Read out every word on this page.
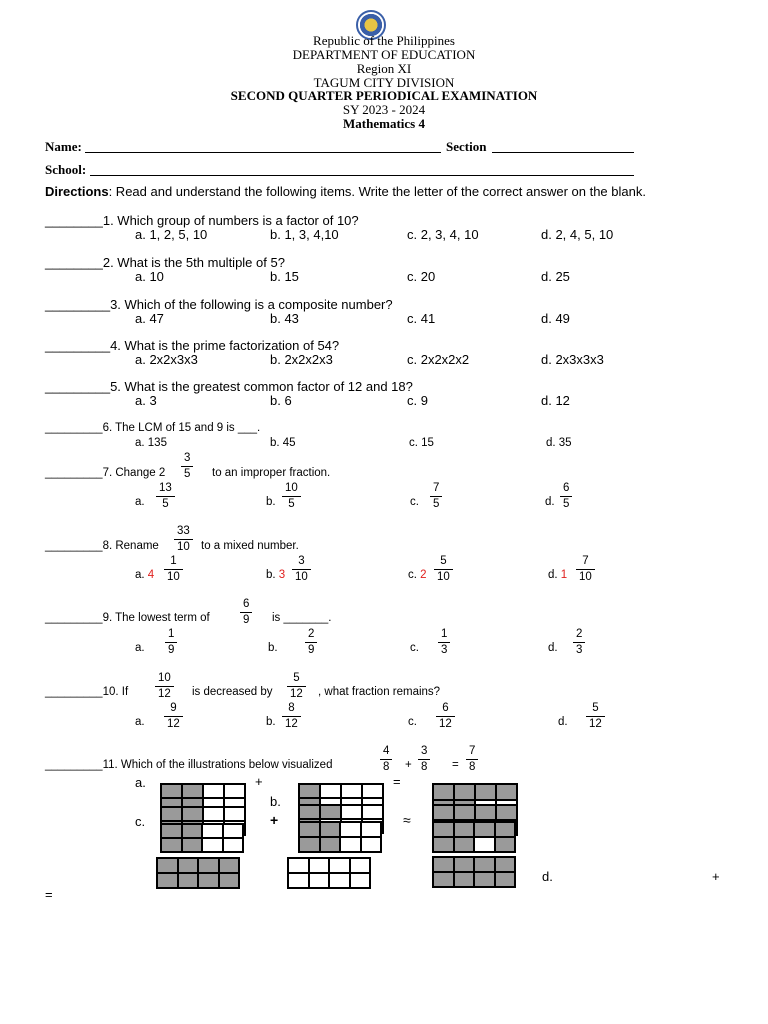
Republic of the Philippines
DEPARTMENT OF EDUCATION
Region XI
TAGUM CITY DIVISION
SECOND QUARTER PERIODICAL EXAMINATION
SY 2023 - 2024
Mathematics 4
Name:	Section
School:
Directions: Read and understand the following items. Write the letter of the correct answer on the blank.
________1. Which group of numbers is a factor of 10?
a. 1, 2, 5, 10	b. 1, 3, 4,10	c. 2, 3, 4, 10	d. 2, 4, 5, 10
________2. What is the 5th multiple of 5?
a. 10	b. 15	c. 20	d. 25
_________3. Which of the following is a composite number?
a. 47	b. 43	c. 41	d. 49
_________4. What is the prime factorization of 54?
a. 2x2x3x3	b. 2x2x2x3	c. 2x2x2x2	d. 2x3x3x3
_________5. What is the greatest common factor of 12 and 18?
a. 3	b. 6	c. 9	d. 12
_________6. The LCM of 15 and 9 is ___.
a. 135	b. 45	c. 15	d. 35
_________7. Change $2 \frac{3}{5}$ to an improper fraction.
a. $\frac{13}{5}$	b. $\frac{10}{5}$	c. $\frac{7}{5}$	d. $\frac{6}{5}$
_________8. Rename $\frac{33}{10}$ to a mixed number.
a. $4 \frac{1}{10}$	b. $3 \frac{3}{10}$	c. $2 \frac{5}{10}$	d. $1 \frac{7}{10}$
_________9. The lowest term of	$\frac{6}{9}$ is _______.
a. $\frac{1}{9}$	b. $\frac{2}{9}$	c. $\frac{1}{3}$	d. $\frac{2}{3}$
_________10. If $\frac{10}{12}$ is decreased by $\frac{5}{12}$ , what fraction remains?
a. $\frac{9}{12}$	b. $\frac{8}{12}$	c. $\frac{6}{12}$	d. $\frac{5}{12}$
_________11. Which of the illustrations below visualized	$\frac{4}{8} + \frac{3}{8} = \frac{7}{8}$
a.	+	=
b.
c.	+	≈
d.	+
=
